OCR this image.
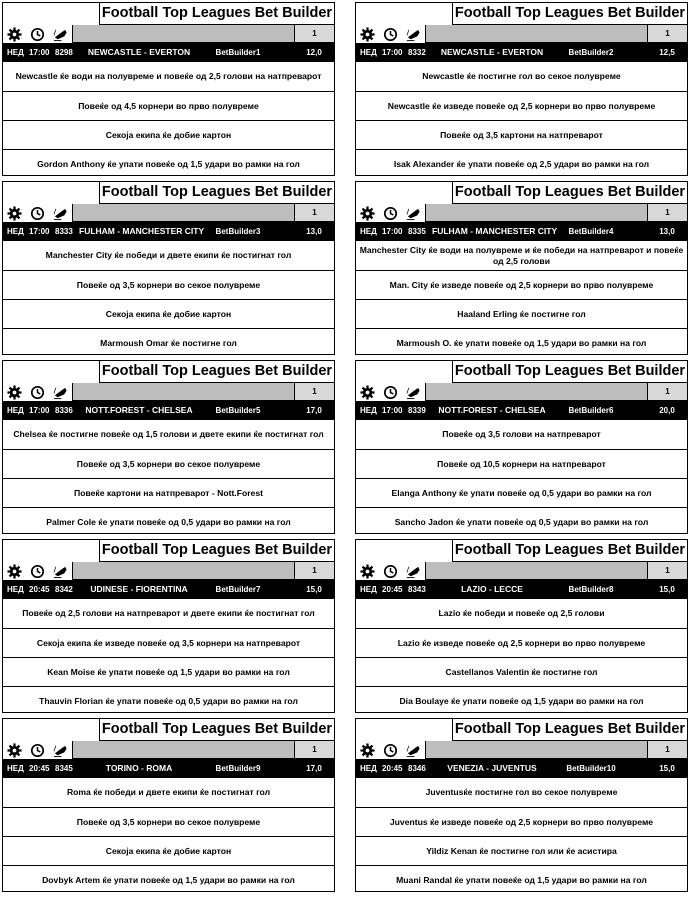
Football Top Leagues Bet Builder
1
НЕД 17:00 8298	NEWCASTLE - EVERTON	BetBuilder1	12,0
Newcastle ќе води на полувреме и повеќе од 2,5 голови на натпреварот
Повеќе од 4,5 корнери во прво полувреме
Секоја екипа ќе добие картон
Gordon Anthony ќе упати повеќе од 1,5 удари во рамки на гол
Football Top Leagues Bet Builder
1
НЕД 17:00 8332	NEWCASTLE - EVERTON	BetBuilder2	12,5
Newcastle ќе постигне гол во секое полувреме
Newcastle ќе изведе повеќе од 2,5 корнери во прво полувреме
Повеќе од 3,5 картони на натпреварот
Isak Alexander ќе упати повеќе од 2,5 удари во рамки на гол
Football Top Leagues Bet Builder
1
НЕД 17:00 8333 FULHAM - MANCHESTER CITY	BetBuilder3	13,0
Manchester City ќе победи и двете екипи ќе постигнат гол
Повеќе од 3,5 корнери во секое полувреме
Секоја екипа ќе добие картон
Marmoush Omar ќе постигне гол
Football Top Leagues Bet Builder
1
НЕД 17:00 8335 FULHAM - MANCHESTER CITY	BetBuilder4	13,0
Manchester City ќе води на полувреме и ќе победи на натпреварот и повеќе од 2,5 голови
Man. City ќе изведе повеќе од 2,5 корнери во прво полувреме
Haaland Erling ќе постигне гол
Marmoush O. ќе упати повеќе од 1,5 удари во рамки на гол
Football Top Leagues Bet Builder
1
НЕД 17:00 8336	NOTT.FOREST - CHELSEA	BetBuilder5	17,0
Chelsea ќе постигне повеќе од 1,5 голови и двете екипи ќе постигнат гол
Повеќе од 3,5 корнери во секое полувреме
Повеќе картони на натпреварот - Nott.Forest
Palmer Cole ќе упати повеќе од 0,5 удари во рамки на гол
Football Top Leagues Bet Builder
1
НЕД 17:00 8339	NOTT.FOREST - CHELSEA	BetBuilder6	20,0
Повеќе од 3,5 голови на натпреварот
Повеќе од 10,5 корнери на натпреварот
Elanga Anthony ќе упати повеќе од 0,5 удари во рамки на гол
Sancho Jadon ќе упати повеќе од 0,5 удари во рамки на гол
Football Top Leagues Bet Builder
1
НЕД 20:45 8342	UDINESE - FIORENTINA	BetBuilder7	15,0
Повеќе од 2,5 голови на натпреварот и двете екипи ќе постигнат гол
Секоја екипа ќе изведе повеќе од 3,5 корнери на натпреварот
Kean Moise ќе упати повеќе од 1,5 удари во рамки на гол
Thauvin Florian ќе упати повеќе од 0,5 удари во рамки на гол
Football Top Leagues Bet Builder
1
НЕД 20:45 8343	LAZIO - LECCE	BetBuilder8	15,0
Lazio ќе победи и повеќе од 2,5 голови
Lazio ќе изведе повеќе од 2,5 корнери во прво полувреме
Castellanos Valentin ќе постигне гол
Dia Boulaye ќе упати повеќе од 1,5 удари во рамки на гол
Football Top Leagues Bet Builder
1
НЕД 20:45 8345	TORINO - ROMA	BetBuilder9	17,0
Roma ќе победи и двете екипи ќе постигнат гол
Повеќе од 3,5 корнери во секое полувреме
Секоја екипа ќе добие картон
Dovbyk Artem ќе упати повеќе од 1,5 удари во рамки на гол
Football Top Leagues Bet Builder
1
НЕД 20:45 8346	VENEZIA - JUVENTUS	BetBuilder10	15,0
Juventusќе постигне гол во секое полувреме
Juventus ќе изведе повеќе од 2,5 корнери во прво полувреме
Yildiz Kenan ќе постигне гол или ќе асистира
Muani Randal ќе упати повеќе од 1,5 удари во рамки на гол
